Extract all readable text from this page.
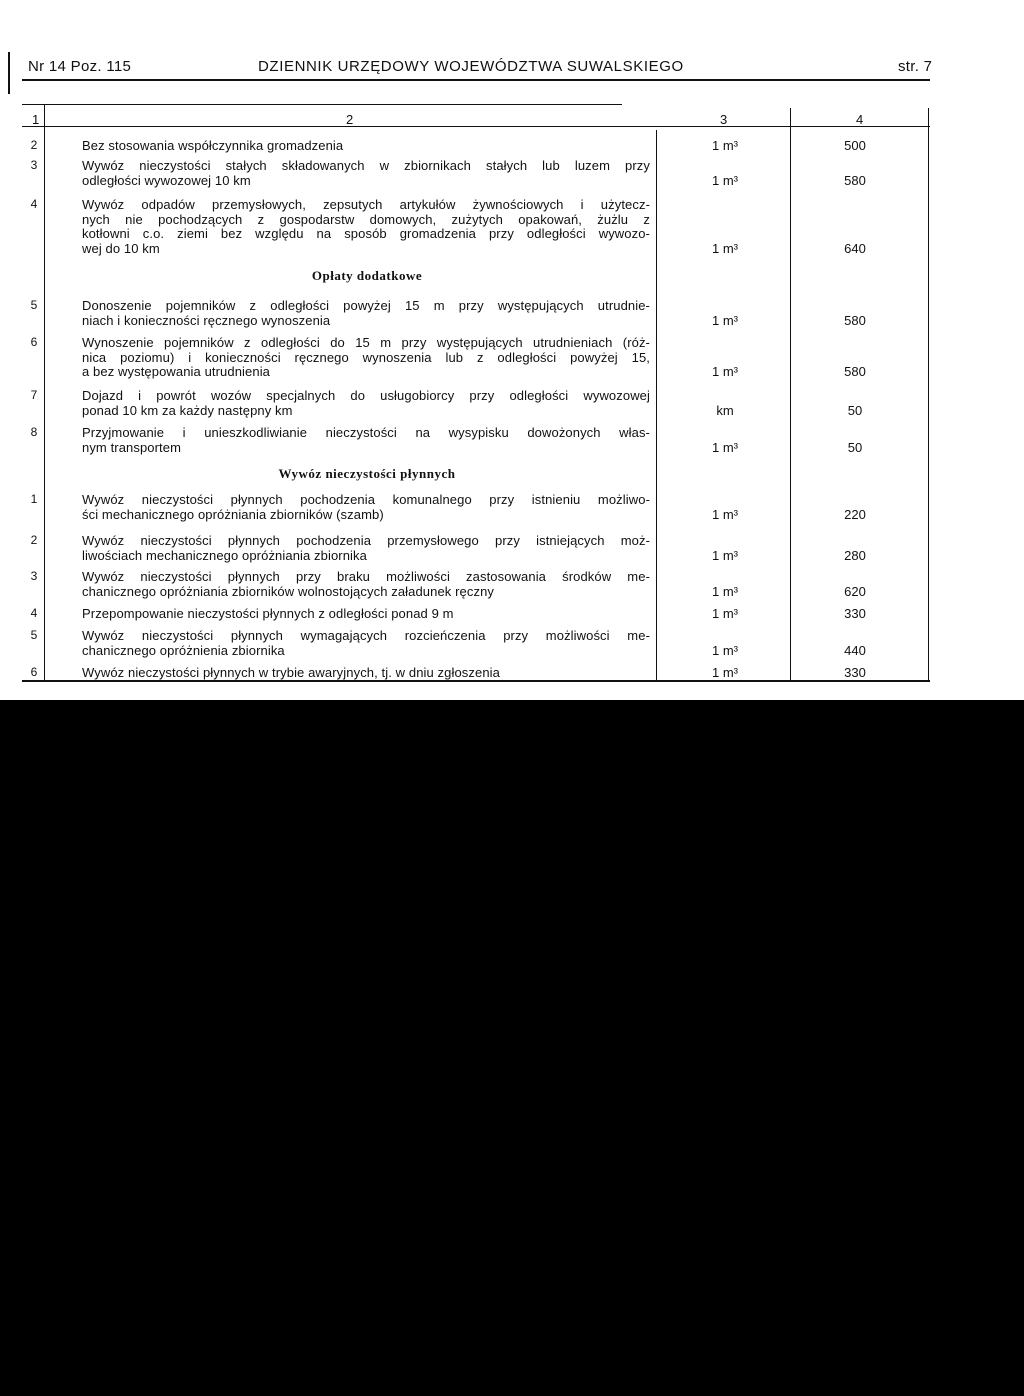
Nr 14 Poz. 115	DZIENNIK URZĘDOWY WOJEWÓDZTWA SUWALSKIEGO	str. 7
1	2	3	4
2	Bez stosowania współczynnika gromadzenia	1 m³	500
3	Wywóz nieczystości stałych składowanych w zbiornikach stałych lub luzem przy
odległości wywozowej 10 km	1 m³	580
4	Wywóz odpadów przemysłowych, zepsutych artykułów żywnościowych i użytecz-
nych nie pochodzących z gospodarstw domowych, zużytych opakowań, żużlu z
kotłowni c.o. ziemi bez względu na sposób gromadzenia przy odległości wywozo-
wej do 10 km	1 m³	640
Opłaty dodatkowe
5	Donoszenie pojemników z odległości powyżej 15 m przy występujących utrudnie-
niach i konieczności ręcznego wynoszenia	1 m³	580
6	Wynoszenie pojemników z odległości do 15 m przy występujących utrudnieniach (róż-
nica poziomu) i konieczności ręcznego wynoszenia lub z odległości powyżej 15,
a bez występowania utrudnienia	1 m³	580
7	Dojazd i powrót wozów specjalnych do usługobiorcy przy odległości wywozowej
ponad 10 km za każdy następny km	km	50
8	Przyjmowanie i unieszkodliwianie nieczystości na wysypisku dowożonych włas-
nym transportem	1 m³	50
Wywóz nieczystości płynnych
1	Wywóz nieczystości płynnych pochodzenia komunalnego przy istnieniu możliwo-
ści mechanicznego opróżniania zbiorników (szamb)	1 m³	220
2	Wywóz nieczystości płynnych pochodzenia przemysłowego przy istniejących moż-
liwościach mechanicznego opróżniania zbiornika	1 m³	280
3	Wywóz nieczystości płynnych przy braku możliwości zastosowania środków me-
chanicznego opróżniania zbiorników wolnostojących załadunek ręczny	1 m³	620
4	Przepompowanie nieczystości płynnych z odległości ponad 9 m	1 m³	330
5	Wywóz nieczystości płynnych wymagających rozcieńczenia przy możliwości me-
chanicznego opróżnienia zbiornika	1 m³	440
6	Wywóz nieczystości płynnych w trybie awaryjnych, tj. w dniu zgłoszenia	1 m³	330
